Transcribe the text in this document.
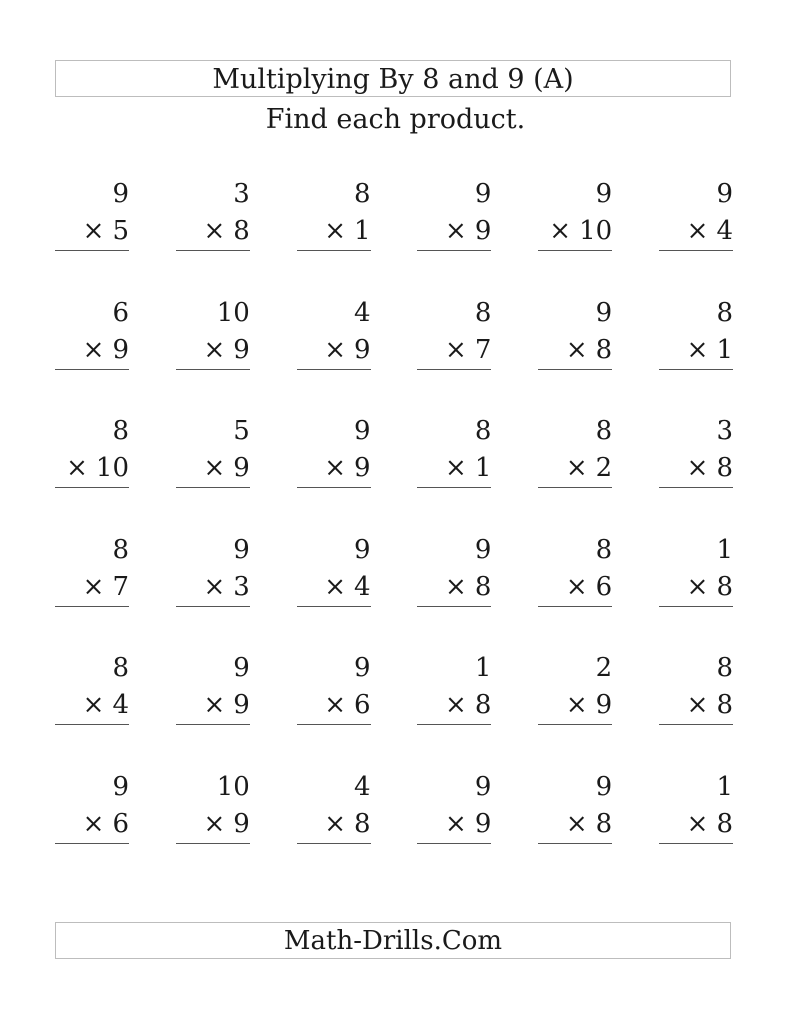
Multiplying By 8 and 9 (A)
Find each product.
9
× 5
3
× 8
8
× 1
9
× 9
9
× 10
9
× 4
6
× 9
10
× 9
4
× 9
8
× 7
9
× 8
8
× 1
8
× 10
5
× 9
9
× 9
8
× 1
8
× 2
3
× 8
8
× 7
9
× 3
9
× 4
9
× 8
8
× 6
1
× 8
8
× 4
9
× 9
9
× 6
1
× 8
2
× 9
8
× 8
9
× 6
10
× 9
4
× 8
9
× 9
9
× 8
1
× 8
Math-Drills.Com
